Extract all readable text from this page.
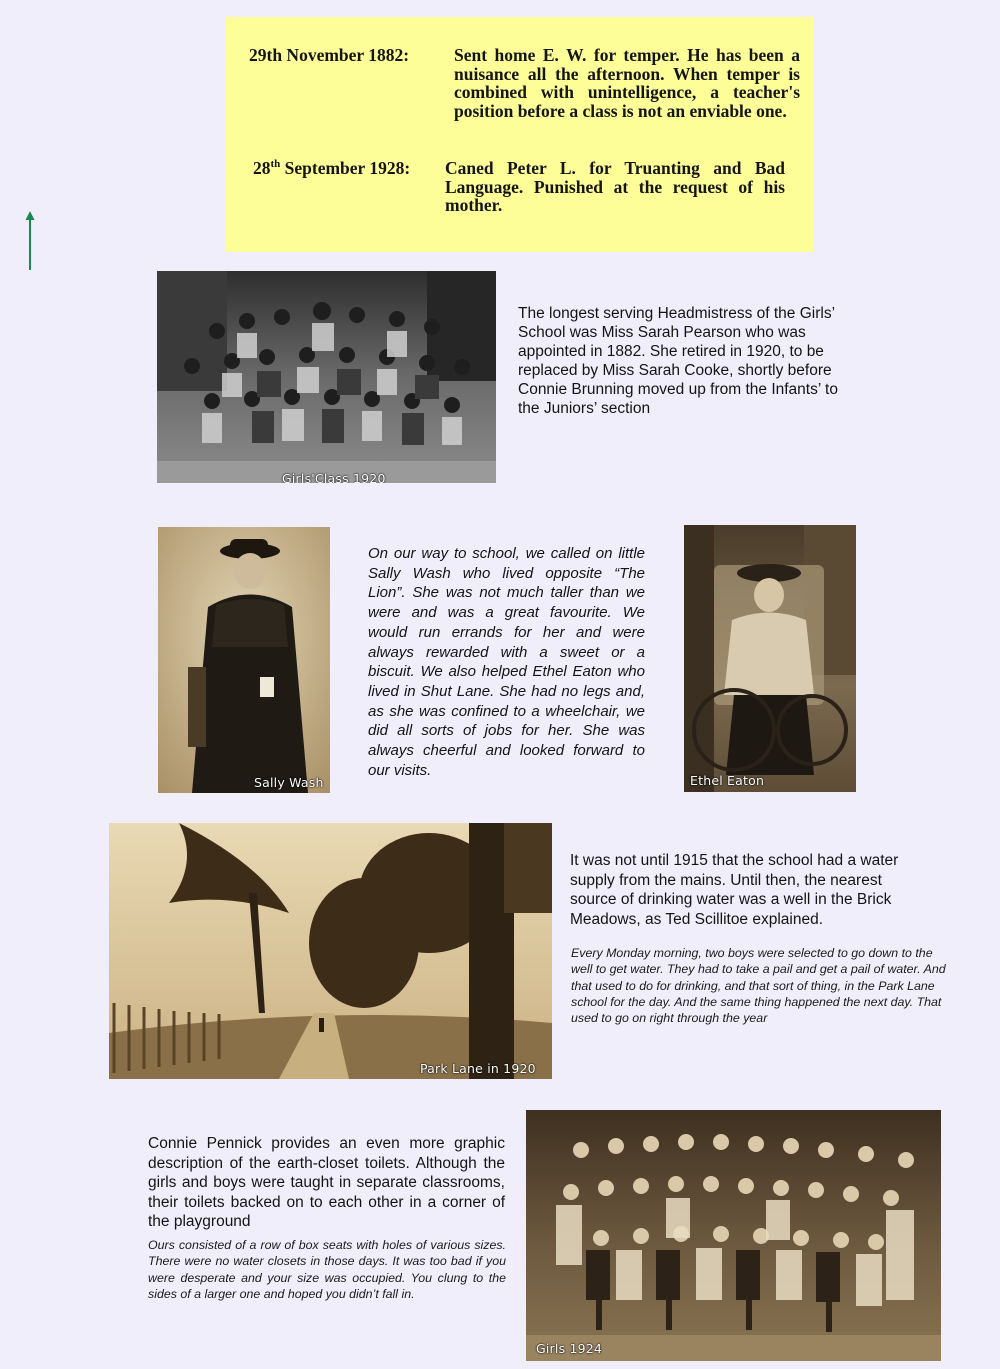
29th November 1882:	Sent home E. W. for temper. He has been a nuisance all the afternoon. When temper is combined with unintelligence, a teacher's position before a class is not an enviable one.
28th September 1928: Caned Peter L. for Truanting and Bad Language. Punished at the request of his mother.
Girls'Class 1920
The longest serving Headmistress of the Girls’ School was Miss Sarah Pearson who was appointed in 1882. She retired in 1920, to be replaced by Miss Sarah Cooke, shortly before Connie Brunning moved up from the Infants’ to the Juniors’ section
Sally Wash
On our way to school, we called on little Sally Wash who lived opposite “The Lion”. She was not much taller than we were and was a great favourite. We would run errands for her and were always rewarded with a sweet or a biscuit. We also helped Ethel Eaton who lived in Shut Lane. She had no legs and, as she was confined to a wheelchair, we did all sorts of jobs for her. She was always cheerful and looked forward to our visits.
Ethel Eaton
Park Lane in 1920
It was not until 1915 that the school had a water supply from the mains. Until then, the nearest source of drinking water was a well in the Brick Meadows, as Ted Scillitoe explained.
Every Monday morning, two boys were selected to go down to the well to get water. They had to take a pail and get a pail of water. And that used to do for drinking, and that sort of thing, in the Park Lane school for the day. And the same thing happened the next day. That used to go on right through the year
Connie Pennick provides an even more graphic description of the earth-closet toilets. Although the girls and boys were taught in separate classrooms, their toilets backed on to each other in a corner of the playground
Ours consisted of a row of box seats with holes of various sizes. There were no water closets in those days. It was too bad if you were desperate and your size was occupied. You clung to the sides of a larger one and hoped you didn’t fall in.
Girls 1924
